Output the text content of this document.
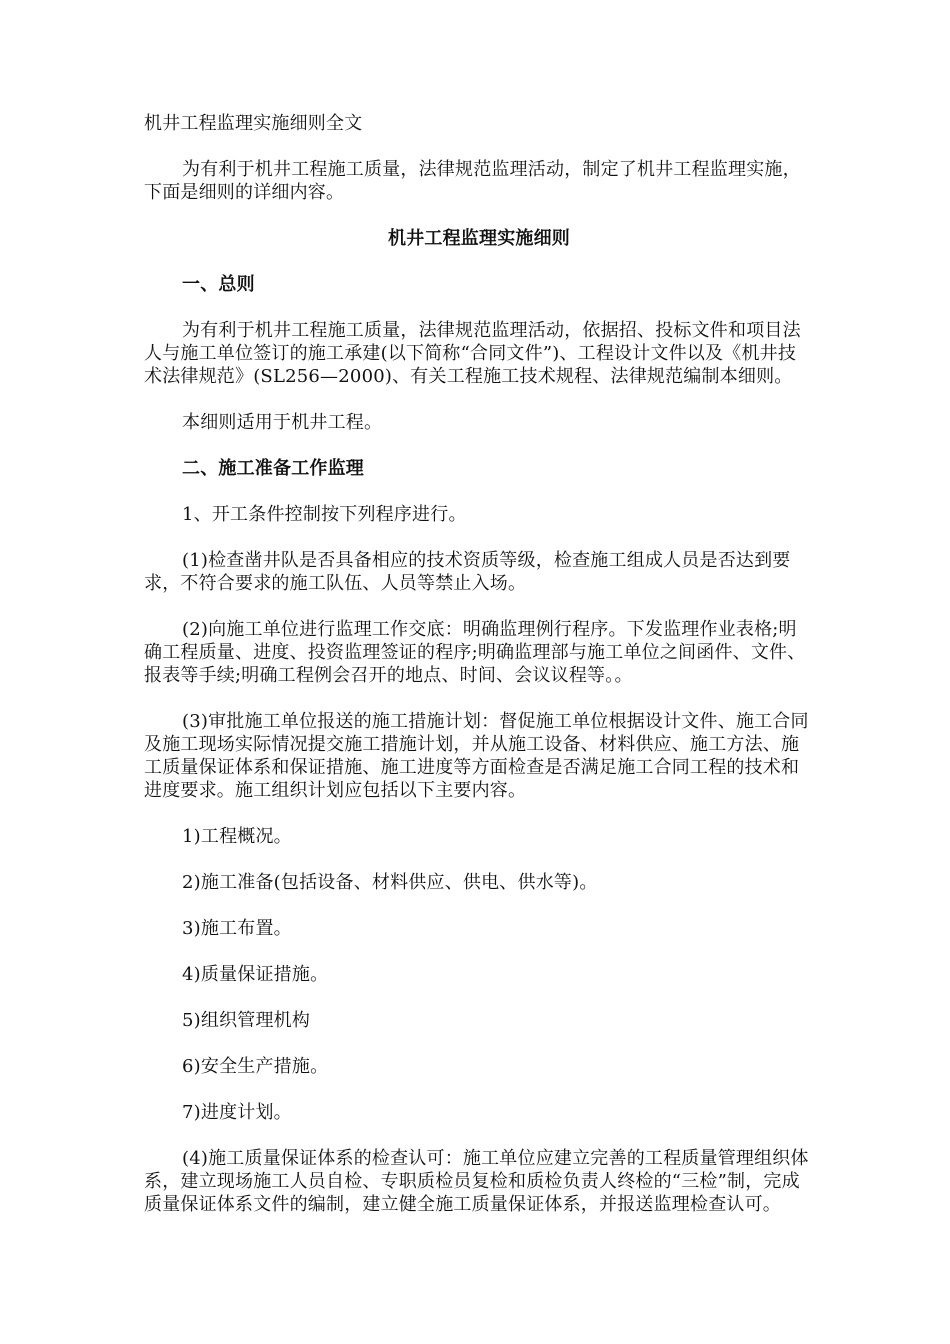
机井工程监理实施细则全文

为有利于机井工程施工质量，法律规范监理活动，制定了机井工程监理实施，下面是细则的详细内容。

机井工程监理实施细则

一、总则

为有利于机井工程施工质量，法律规范监理活动，依据招、投标文件和项目法人与施工单位签订的施工承建(以下简称“合同文件”)、工程设计文件以及《机井技术法律规范》(SL256—2000)、有关工程施工技术规程、法律规范编制本细则。

本细则适用于机井工程。

二、施工准备工作监理

1、开工条件控制按下列程序进行。

(1)检查凿井队是否具备相应的技术资质等级，检查施工组成人员是否达到要求，不符合要求的施工队伍、人员等禁止入场。

(2)向施工单位进行监理工作交底：明确监理例行程序。下发监理作业表格;明确工程质量、进度、投资监理签证的程序;明确监理部与施工单位之间函件、文件、报表等手续;明确工程例会召开的地点、时间、会议议程等。。

(3)审批施工单位报送的施工措施计划：督促施工单位根据设计文件、施工合同及施工现场实际情况提交施工措施计划，并从施工设备、材料供应、施工方法、施工质量保证体系和保证措施、施工进度等方面检查是否满足施工合同工程的技术和进度要求。施工组织计划应包括以下主要内容。

1)工程概况。

2)施工准备(包括设备、材料供应、供电、供水等)。

3)施工布置。

4)质量保证措施。

5)组织管理机构

6)安全生产措施。

7)进度计划。

(4)施工质量保证体系的检查认可：施工单位应建立完善的工程质量管理组织体系，建立现场施工人员自检、专职质检员复检和质检负责人终检的“三检”制，完成质量保证体系文件的编制，建立健全施工质量保证体系，并报送监理检查认可。
